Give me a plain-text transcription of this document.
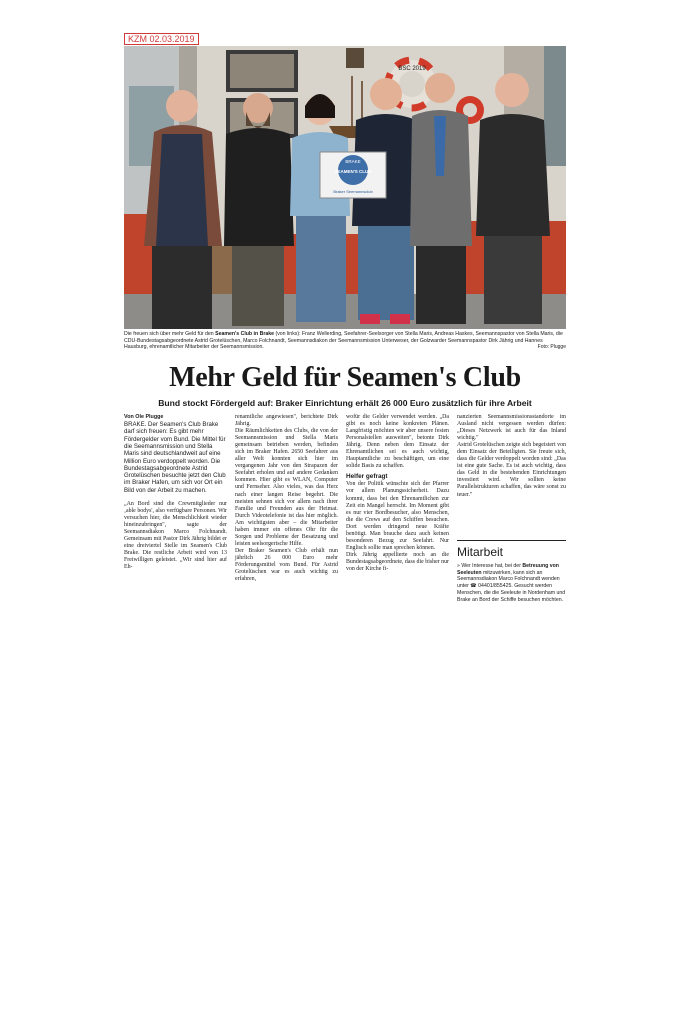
KZM 02.03.2019
BSC 2019
BRAKE
SEAMEN'S CLUB
Braker Seemannsclub
Die freuen sich über mehr Geld für den Seamen's Club in Brake (von links): Franz Wellerding, Seefahrer-Seelsorger von Stella Maris, Andreas Haskes, Seemannspastor von Stella Maris, die CDU-Bundestagsabgeordnete Astrid Grotelüschen, Marco Folchnandt, Seemannsdiakon der Seemannsmission Unterweser, der Golzwarder Seemannspastor Dirk Jährig und Hannes Hausburg, ehrenamtlicher Mitarbeiter der Seemannsmission.	Foto: Plugge
Mehr Geld für Seamen's Club
Bund stockt Fördergeld auf: Braker Einrichtung erhält 26 000 Euro zusätzlich für ihre Arbeit

Von Ole Plugge

BRAKE. Der Seamen's Club Brake darf sich freuen: Es gibt mehr Fördergelder vom Bund. Die Mittel für die Seemannsmission und Stella Maris sind deutschlandweit auf eine Million Euro verdoppelt worden. Die Bundestagsabgeordnete Astrid Grotelüschen besuchte jetzt den Club im Braker Hafen, um sich vor Ort ein Bild von der Arbeit zu machen.

„An Bord sind die Crewmitglieder nur ‚able bodys', also verfügbare Personen. Wir versuchen hier, die Menschlichkeit wieder hineinzubringen", sagte der Seemannsdiakon Marco Folchnandt. Gemeinsam mit Pastor Dirk Jährig bildet er eine dreiviertel Stelle im Seamen's Club Brake. Die restliche Arbeit wird von 13 Freiwilligen geleistet. „Wir sind hier auf Eh-

renamtliche angewiesen", berichtete Dirk Jährig.

Die Räumlichkeiten des Clubs, die von der Seemannsmission und Stella Maris gemeinsam betrieben werden, befinden sich im Braker Hafen. 2650 Seefahrer aus aller Welt konnten sich hier im vergangenen Jahr von den Strapazen der Seefahrt erholen und auf andere Gedanken kommen. Hier gibt es WLAN, Computer und Fernseher. Also vieles, was das Herz nach einer langen Reise begehrt. Die meisten sehnen sich vor allem nach ihrer Familie und Freunden aus der Heimat. Durch Videotelefonie ist das hier möglich. Am wichtigsten aber – die Mitarbeiter haben immer ein offenes Ohr für die Sorgen und Probleme der Besatzung und leisten seelsorgerische Hilfe.

Der Braker Seamen's Club erhält nun jährlich 26 000 Euro mehr Förderungsmittel vom Bund. Für Astrid Grotelüschen war es auch wichtig zu erfahren,

wofür die Gelder verwendet werden. „Da gibt es noch keine konkreten Plänen. Langfristig möchten wir aber unsere festen Personalstellen ausweiten", betonte Dirk Jährig. Denn neben dem Einsatz der Ehrenamtlichen sei es auch wichtig, Hauptamtliche zu beschäftigen, um eine solide Basis zu schaffen.

Helfer gefragt

Von der Politik wünschte sich der Pfarrer vor allem Planungssicherheit. Dazu kommt, dass bei den Ehrenamtlichen zur Zeit ein Mangel herrscht. Im Moment gibt es nur vier Bordbesucher, also Menschen, die die Crews auf den Schiffen besuchen. Dort werden dringend neue Kräfte benötigt. Man brauche dazu auch keinen besonderen Bezug zur Seefahrt. Nur Englisch sollte man sprechen können.

Dirk Jährig appellierte noch an die Bundestagsabgeordnete, dass die bisher nur von der Kirche fi-

nanzierten Seemannsmissionsstandorte im Ausland nicht vergessen werden dürfen: „Dieses Netzwerk ist auch für das Inland wichtig."

Astrid Grotelüschen zeigte sich begeistert von dem Einsatz der Beteiligten. Sie freute sich, dass die Gelder verdoppelt worden sind: „Das ist eine gute Sache. Es ist auch wichtig, dass das Geld in die bestehenden Einrichtungen investiert wird. Wir sollten keine Parallelstrukturen schaffen, das wäre sonst zu teuer."

Mitarbeit
» Wer Interesse hat, bei der Betreuung von Seeleuten mitzuwirken, kann sich an Seemannsdiakon Marco Folchnandt wenden unter ☎ 04401/855425. Gesucht werden Menschen, die die Seeleute in Nordenham und Brake an Bord der Schiffe besuchen möchten.
